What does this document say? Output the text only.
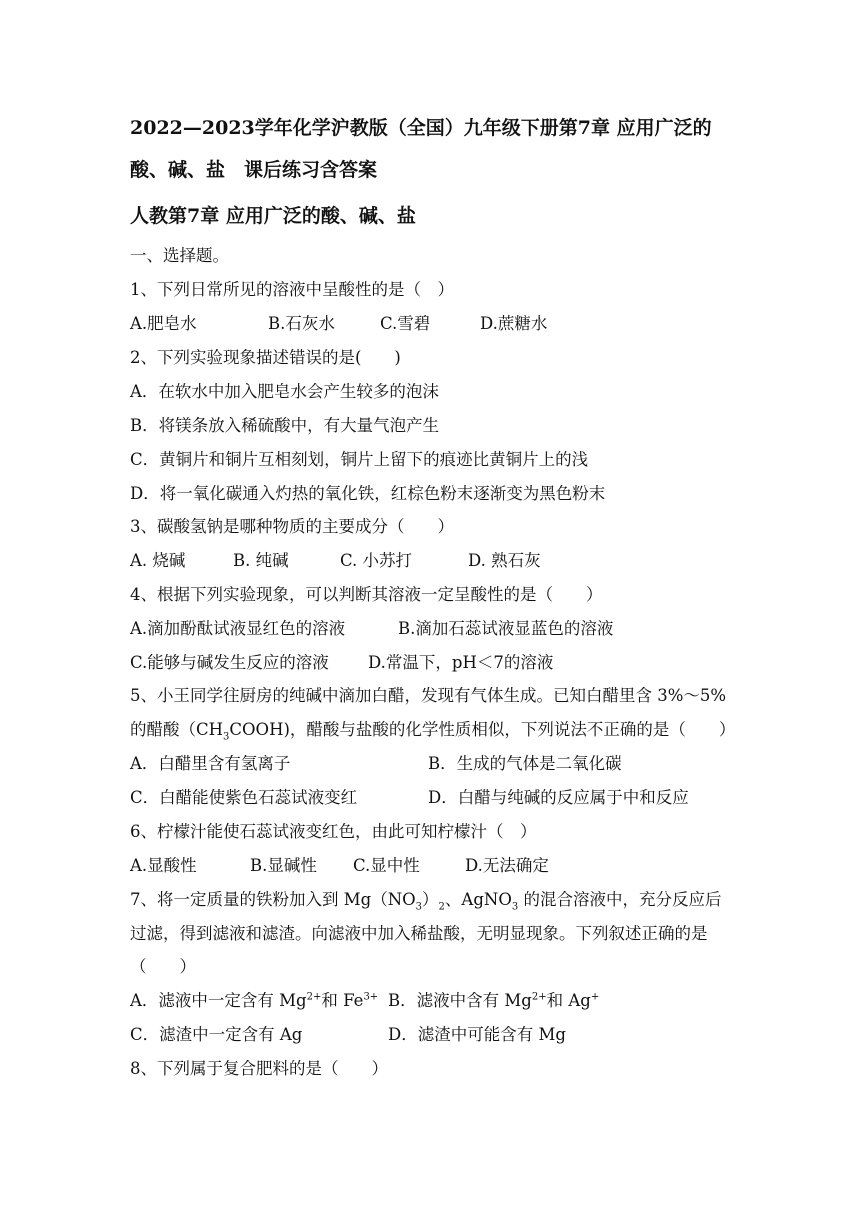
2022—2023学年化学沪教版（全国）九年级下册第7章 应用广泛的
酸、碱、盐　课后练习含答案
人教第7章 应用广泛的酸、碱、盐
一、选择题。
1、下列日常所见的溶液中呈酸性的是（　）
A.肥皂水	B.石灰水	C.雪碧	D.蔗糖水
2、下列实验现象描述错误的是(　　)
A．在软水中加入肥皂水会产生较多的泡沫
B．将镁条放入稀硫酸中，有大量气泡产生
C．黄铜片和铜片互相刻划，铜片上留下的痕迹比黄铜片上的浅
D．将一氧化碳通入灼热的氧化铁，红棕色粉末逐渐变为黑色粉末
3、碳酸氢钠是哪种物质的主要成分（　　）
A. 烧碱	B. 纯碱	C. 小苏打	D. 熟石灰
4、根据下列实验现象，可以判断其溶液一定呈酸性的是（　　）
A.滴加酚酞试液显红色的溶液	B.滴加石蕊试液显蓝色的溶液
C.能够与碱发生反应的溶液 D.常温下，pH＜7的溶液
5、小王同学往厨房的纯碱中滴加白醋，发现有气体生成。已知白醋里含 3%～5%
的醋酸$(CH_3COOH)$，醋酸与盐酸的化学性质相似，下列说法不正确的是（　　）
A．白醋里含有氢离子	B．生成的气体是二氧化碳
C．白醋能使紫色石蕊试液变红	D．白醋与纯碱的反应属于中和反应
6、柠檬汁能使石蕊试液变红色，由此可知柠檬汁（　）
A.显酸性	B.显碱性 C.显中性	D.无法确定
7、将一定质量的铁粉加入到 $Mg(NO_3)_2$、AgNO$_3$ 的混合溶液中，充分反应后
过滤，得到滤液和滤渣。向滤液中加入稀盐酸，无明显现象。下列叙述正确的是
（　　）
A．滤液中一定含有 $Mg^{2+}$和 $Fe^{3+}$ B．滤液中含有 $Mg^{2+}$和 Ag+
C．滤渣中一定含有 Ag	D．滤渣中可能含有 Mg
8、下列属于复合肥料的是（　　）
